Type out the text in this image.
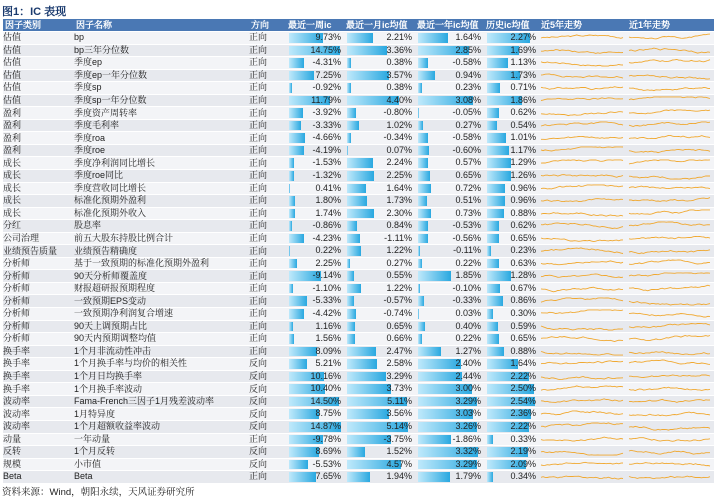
图1：IC 表现
因子类别	因子名称	方向	最近一周ic	最近一月ic均值	最近一年ic均值	历史ic均值	近5年走势	近1年走势
估值	bp	正向	9.73%	2.21%	1.64%	2.27%

估值	bp三年分位数	正向	14.75%	3.36%	2.85%	1.69%

估值	季度ep	正向	-4.31%	0.38%	-0.58%	1.13%

估值	季度ep一年分位数	正向	7.25%	3.57%	0.94%	1.73%

估值	季度sp	正向	-0.92%	0.38%	0.23%	0.71%

估值	季度sp一年分位数	正向	11.79%	4.40%	3.08%	1.86%

盈利	季度资产周转率	正向	-3.92%	-0.80%	-0.05%	0.62%

盈利	季度毛利率	正向	-3.33%	1.02%	0.27%	0.54%

盈利	季度roa	正向	-4.66%	-0.34%	-0.58%	1.01%

盈利	季度roe	正向	-4.19%	0.07%	-0.60%	1.17%

成长	季度净利润同比增长	正向	-1.53%	2.24%	0.57%	1.29%

成长	季度roe同比	正向	-1.32%	2.25%	0.65%	1.26%

成长	季度营收同比增长	正向	0.41%	1.64%	0.72%	0.96%

成长	标准化预期外盈利	正向	1.80%	1.73%	0.51%	0.96%

成长	标准化预期外收入	正向	1.74%	2.30%	0.73%	0.88%

分红	股息率	正向	-0.86%	0.84%	-0.53%	0.62%

公司治理	前五大股东持股比例合计	正向	-4.23%	-1.11%	-0.56%	0.65%

业绩预告质量	业绩预告精确度	正向	0.22%	1.22%	-0.11%	0.23%

分析师	基于一致预期的标准化预期外盈利	正向	2.25%	0.27%	0.22%	0.63%

分析师	90天分析师覆盖度	正向	-9.14%	0.55%	1.85%	1.28%

分析师	财报超研报预期程度	正向	-1.10%	1.22%	-0.10%	0.67%

分析师	一致预期EPS变动	正向	-5.33%	-0.57%	-0.33%	0.86%

分析师	一致预期净利润复合增速	正向	-4.42%	-0.74%	0.03%	0.30%

分析师	90天上调预期占比	正向	1.16%	0.65%	0.40%	0.59%

分析师	90天内预期调整均值	正向	1.56%	0.66%	0.22%	0.65%

换手率	1个月非流动性冲击	正向	8.09%	2.47%	1.27%	0.88%

换手率	1个月换手率与均价的相关性	反向	5.21%	2.58%	2.40%	1.64%

换手率	1个月日均换手率	反向	10.16%	3.29%	2.44%	2.22%

换手率	1个月换手率波动	反向	10.40%	3.73%	3.00%	2.50%

波动率	Fama-French三因子1月残差波动率	反向	14.50%	5.11%	3.29%	2.54%

波动率	1月特异度	反向	8.75%	3.56%	3.03%	2.36%

波动率	1个月超额收益率波动	反向	14.87%	5.14%	3.26%	2.22%

动量	一年动量	正向	-9.78%	-3.75%	-1.86%	0.33%

反转	1个月反转	反向	8.69%	1.52%	3.32%	2.19%

规模	小市值	反向	-5.53%	4.57%	3.29%	2.09%

Beta	Beta	正向	7.65%	1.94%	1.79%	0.34%

资料来源：Wind，朝阳永续，天风证券研究所
